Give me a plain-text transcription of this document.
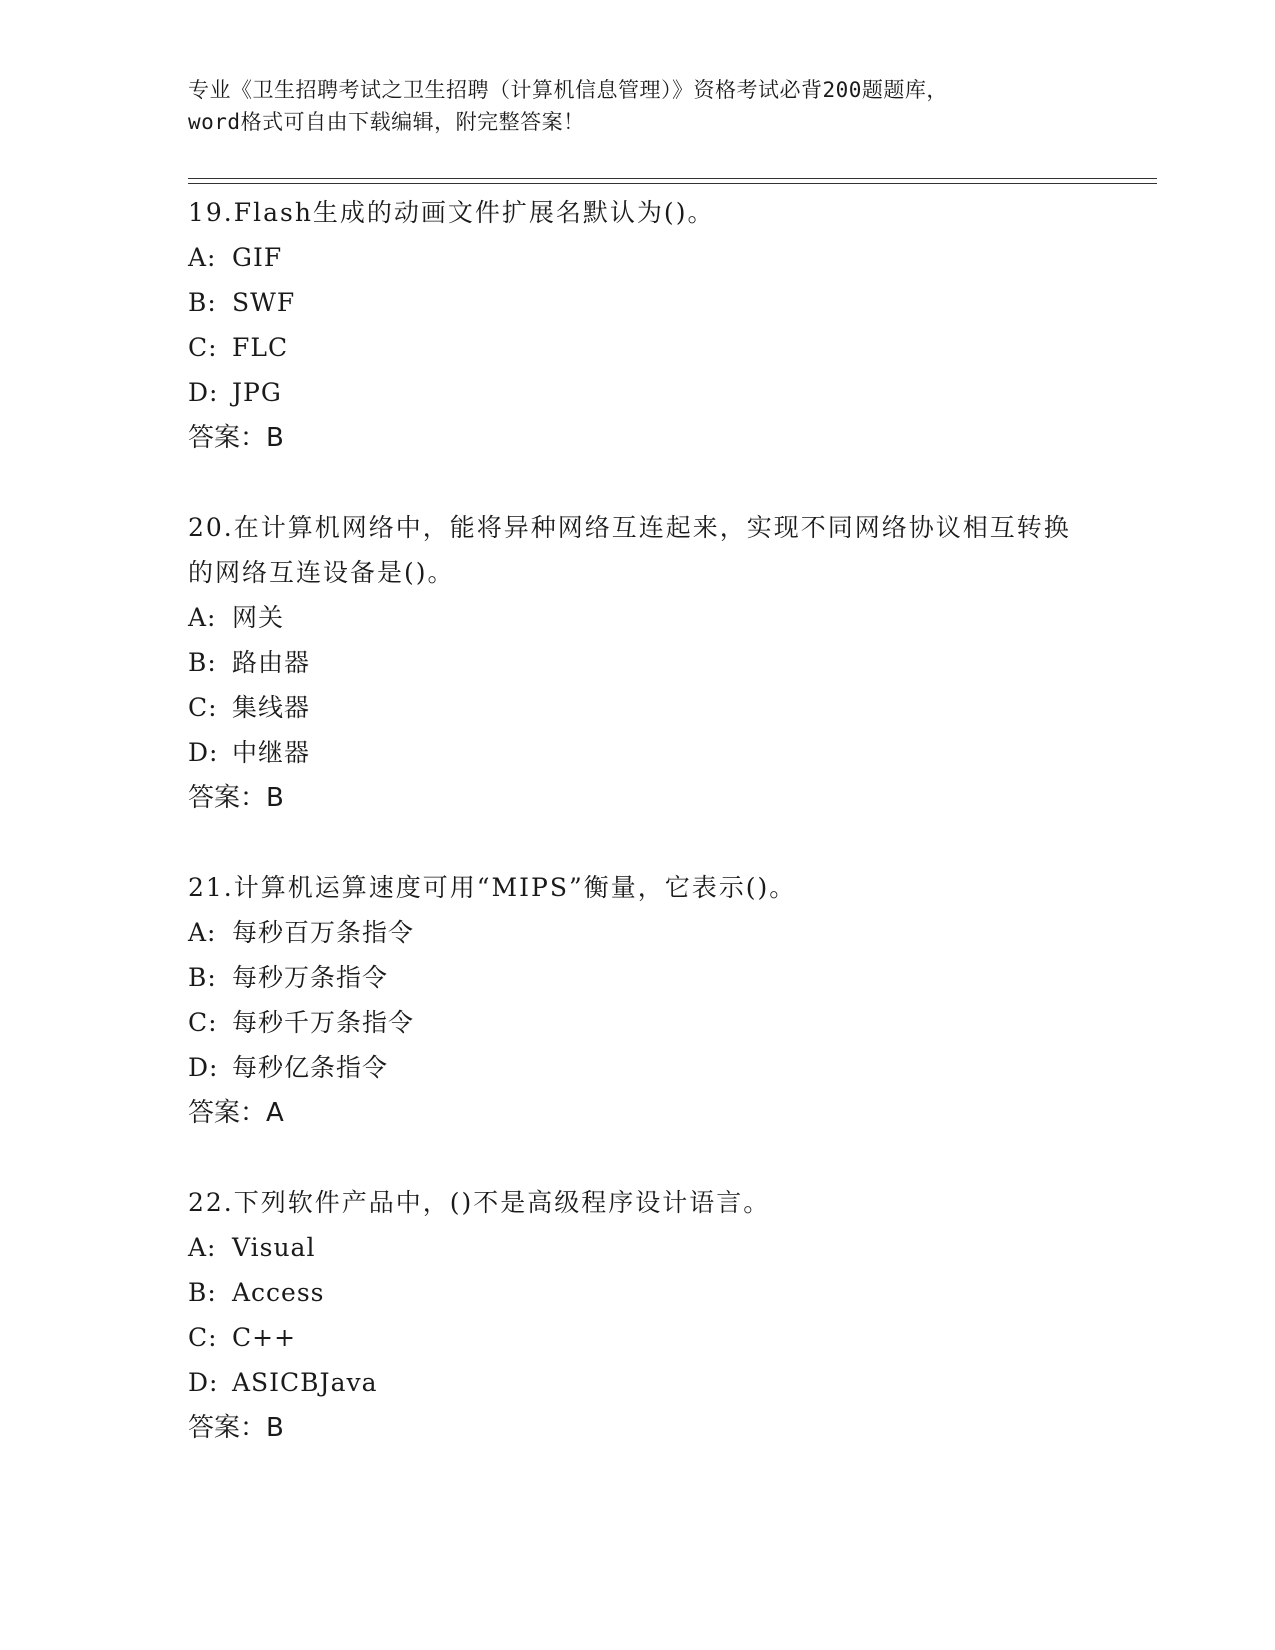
专业《卫生招聘考试之卫生招聘（计算机信息管理）》资格考试必背200题题库，
word格式可自由下载编辑，附完整答案！

19.Flash生成的动画文件扩展名默认为()。

A: GIF

B: SWF

C: FLC

D: JPG

答案：B

20.在计算机网络中，能将异种网络互连起来，实现不同网络协议相互转换的网络互连设备是()。

A: 网关

B: 路由器

C: 集线器

D: 中继器

答案：B

21.计算机运算速度可用“MIPS”衡量，它表示()。

A: 每秒百万条指令

B: 每秒万条指令

C: 每秒千万条指令

D: 每秒亿条指令

答案：A

22.下列软件产品中，()不是高级程序设计语言。

A: Visual

B: Access

C: C++

D: ASICBJava

答案：B
